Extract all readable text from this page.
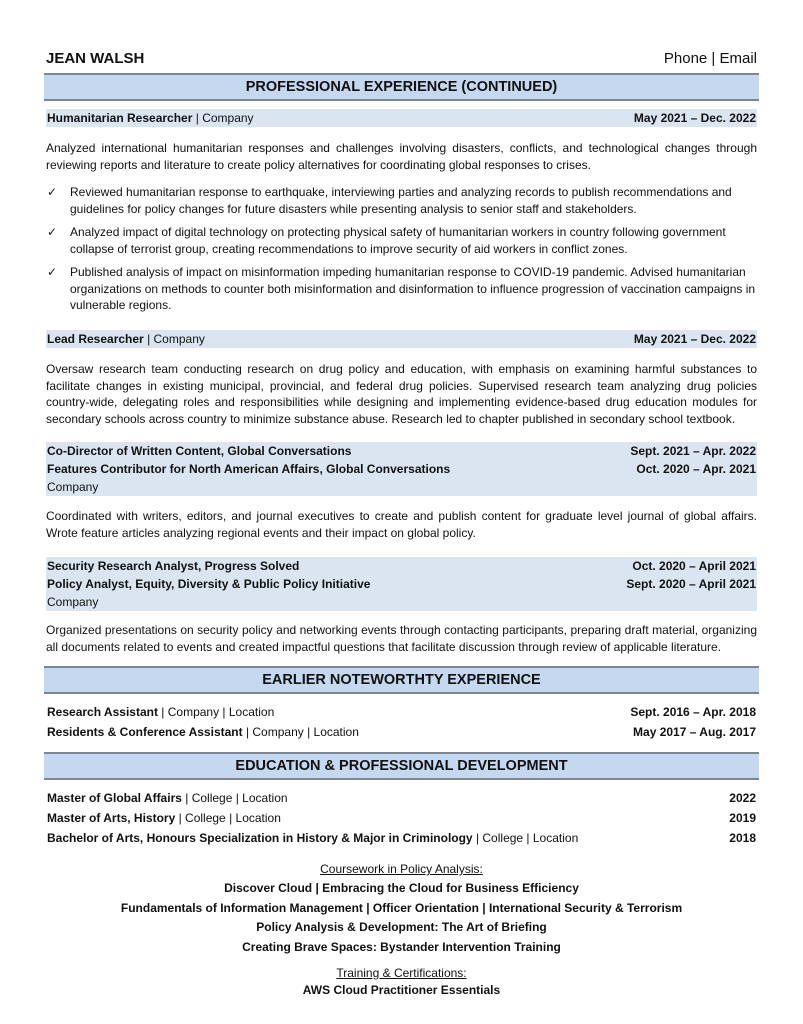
JEAN WALSH	Phone | Email
PROFESSIONAL EXPERIENCE (CONTINUED)
Humanitarian Researcher | Company	May 2021 – Dec. 2022
Analyzed international humanitarian responses and challenges involving disasters, conflicts, and technological changes through reviewing reports and literature to create policy alternatives for coordinating global responses to crises.
✓ Reviewed humanitarian response to earthquake, interviewing parties and analyzing records to publish recommendations and guidelines for policy changes for future disasters while presenting analysis to senior staff and stakeholders.
✓ Analyzed impact of digital technology on protecting physical safety of humanitarian workers in country following government collapse of terrorist group, creating recommendations to improve security of aid workers in conflict zones.
✓ Published analysis of impact on misinformation impeding humanitarian response to COVID-19 pandemic. Advised humanitarian organizations on methods to counter both misinformation and disinformation to influence progression of vaccination campaigns in vulnerable regions.
Lead Researcher | Company	May 2021 – Dec. 2022
Oversaw research team conducting research on drug policy and education, with emphasis on examining harmful substances to facilitate changes in existing municipal, provincial, and federal drug policies. Supervised research team analyzing drug policies country-wide, delegating roles and responsibilities while designing and implementing evidence-based drug education modules for secondary schools across country to minimize substance abuse. Research led to chapter published in secondary school textbook.
Co-Director of Written Content, Global Conversations	Sept. 2021 – Apr. 2022
Features Contributor for North American Affairs, Global Conversations	Oct. 2020 – Apr. 2021
Company
Coordinated with writers, editors, and journal executives to create and publish content for graduate level journal of global affairs. Wrote feature articles analyzing regional events and their impact on global policy.
Security Research Analyst, Progress Solved	Oct. 2020 – April 2021
Policy Analyst, Equity, Diversity & Public Policy Initiative	Sept. 2020 – April 2021
Company
Organized presentations on security policy and networking events through contacting participants, preparing draft material, organizing all documents related to events and created impactful questions that facilitate discussion through review of applicable literature.
EARLIER NOTEWORTHTY EXPERIENCE
Research Assistant | Company | Location	Sept. 2016 – Apr. 2018
Residents & Conference Assistant | Company | Location	May 2017 – Aug. 2017
EDUCATION & PROFESSIONAL DEVELOPMENT
Master of Global Affairs | College | Location	2022
Master of Arts, History | College | Location	2019
Bachelor of Arts, Honours Specialization in History & Major in Criminology | College | Location	2018
Coursework in Policy Analysis:
Discover Cloud | Embracing the Cloud for Business Efficiency
Fundamentals of Information Management | Officer Orientation | International Security & Terrorism
Policy Analysis & Development: The Art of Briefing
Creating Brave Spaces: Bystander Intervention Training
Training & Certifications:
AWS Cloud Practitioner Essentials
